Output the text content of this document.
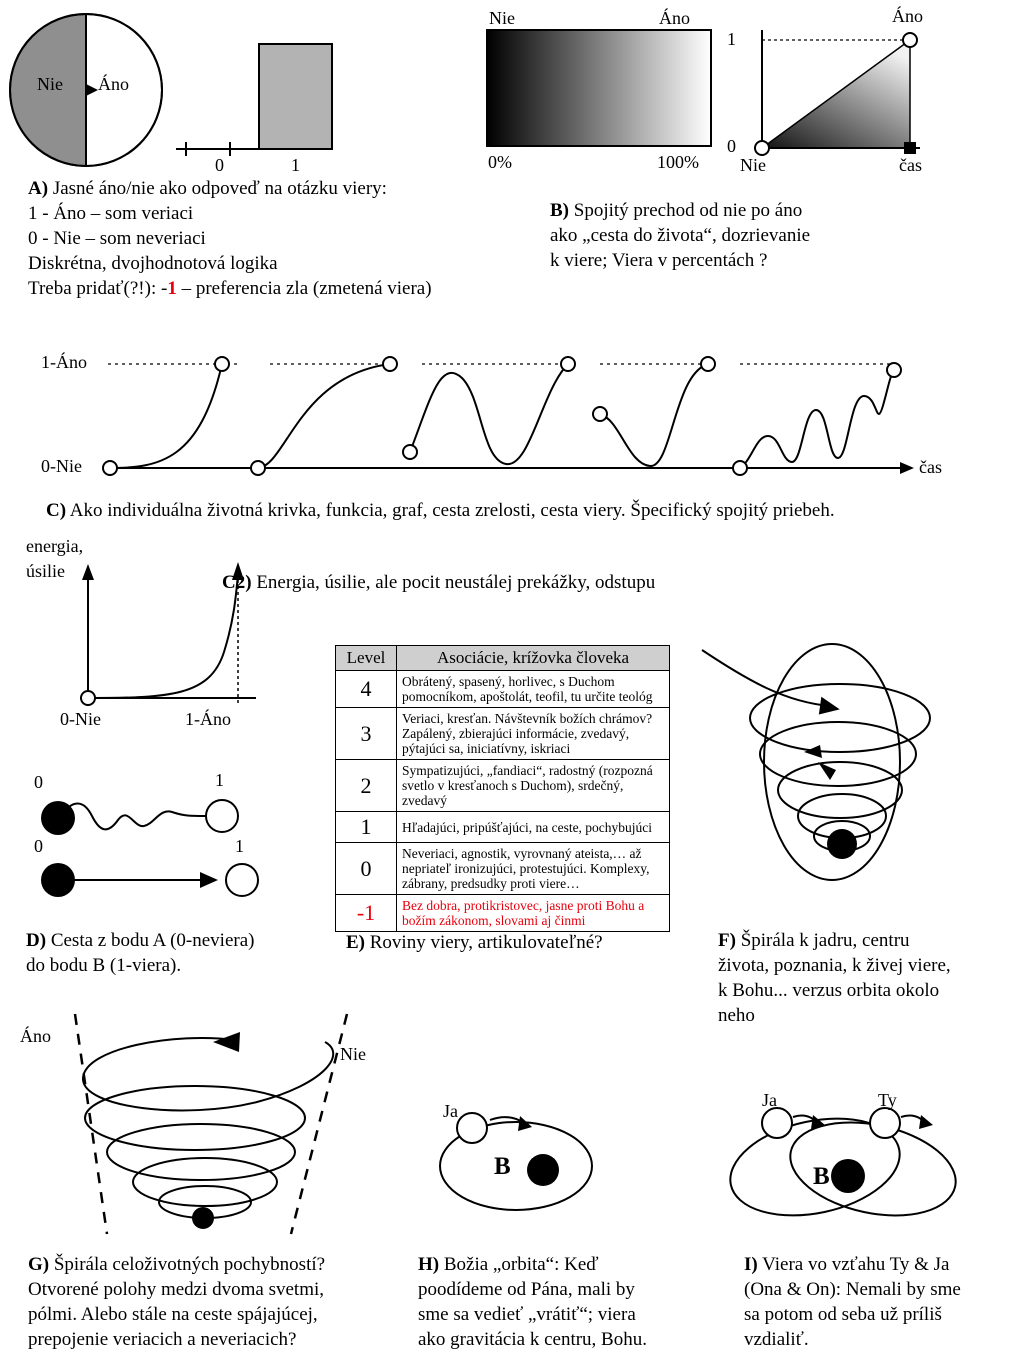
Nie Áno
0	1
Nie	Áno
0%	100%
Áno
1
0
Nie	čas
A) Jasné áno/nie ako odpoveď na otázku viery:
1 - Áno – som veriaci
0 - Nie – som neveriaci
Diskrétna, dvojhodnotová logika
Treba pridať(?!): -1 – preferencia zla (zmetená viera)
B) Spojitý prechod od nie po áno
ako „cesta do života“, dozrievanie
k viere; Viera v percentách ?
1-Áno
0-Nie	čas
C) Ako individuálna životná krivka, funkcia, graf, cesta zrelosti, cesta viery. Špecifický spojitý priebeh.
energia,
úsilie
0-Nie	1-Áno
C2) Energia, úsilie, ale pocit neustálej prekážky, odstupu
0	1
0	1
D) Cesta z bodu A (0-neviera)
do bodu B (1-viera).
Level	Asociácie, krížovka človeka
4	Obrátený, spasený, horlivec, s Duchom pomocníkom, apoštolát, teofil, tu určite teológ
3	Veriaci, kresťan. Návštevník božích chrámov? Zapálený, zbierajúci informácie, zvedavý, pýtajúci sa, iniciatívny, iskriaci
2	Sympatizujúci, „fandiaci“, radostný (rozpozná svetlo v kresťanoch s Duchom), srdečný, zvedavý
1	Hľadajúci, pripúšťajúci, na ceste, pochybujúci
0	Neveriaci, agnostik, vyrovnaný ateista,… až nepriateľ ironizujúci, protestujúci. Komplexy, zábrany, predsudky proti viere…
-1	Bez dobra, protikristovec, jasne proti Bohu a božím zákonom, slovami aj činmi
E) Roviny viery, artikulovateľné?	F) Špirála k jadru, centru
života, poznania, k živej viere,
k Bohu... verzus orbita okolo
neho
Áno
Nie
G) Špirála celoživotných pochybností?
Otvorené polohy medzi dvoma svetmi,
pólmi. Alebo stále na ceste spájajúcej,
prepojenie veriacich a neveriacich?
Ja
B
H) Božia „orbita“: Keď
poodídeme od Pána, mali by
sme sa vedieť „vrátiť“; viera
ako gravitácia k centru, Bohu.
Ja	Ty
B
I) Viera vo vzťahu Ty & Ja
(Ona & On): Nemali by sme
sa potom od seba už príliš
vzdialiť.
